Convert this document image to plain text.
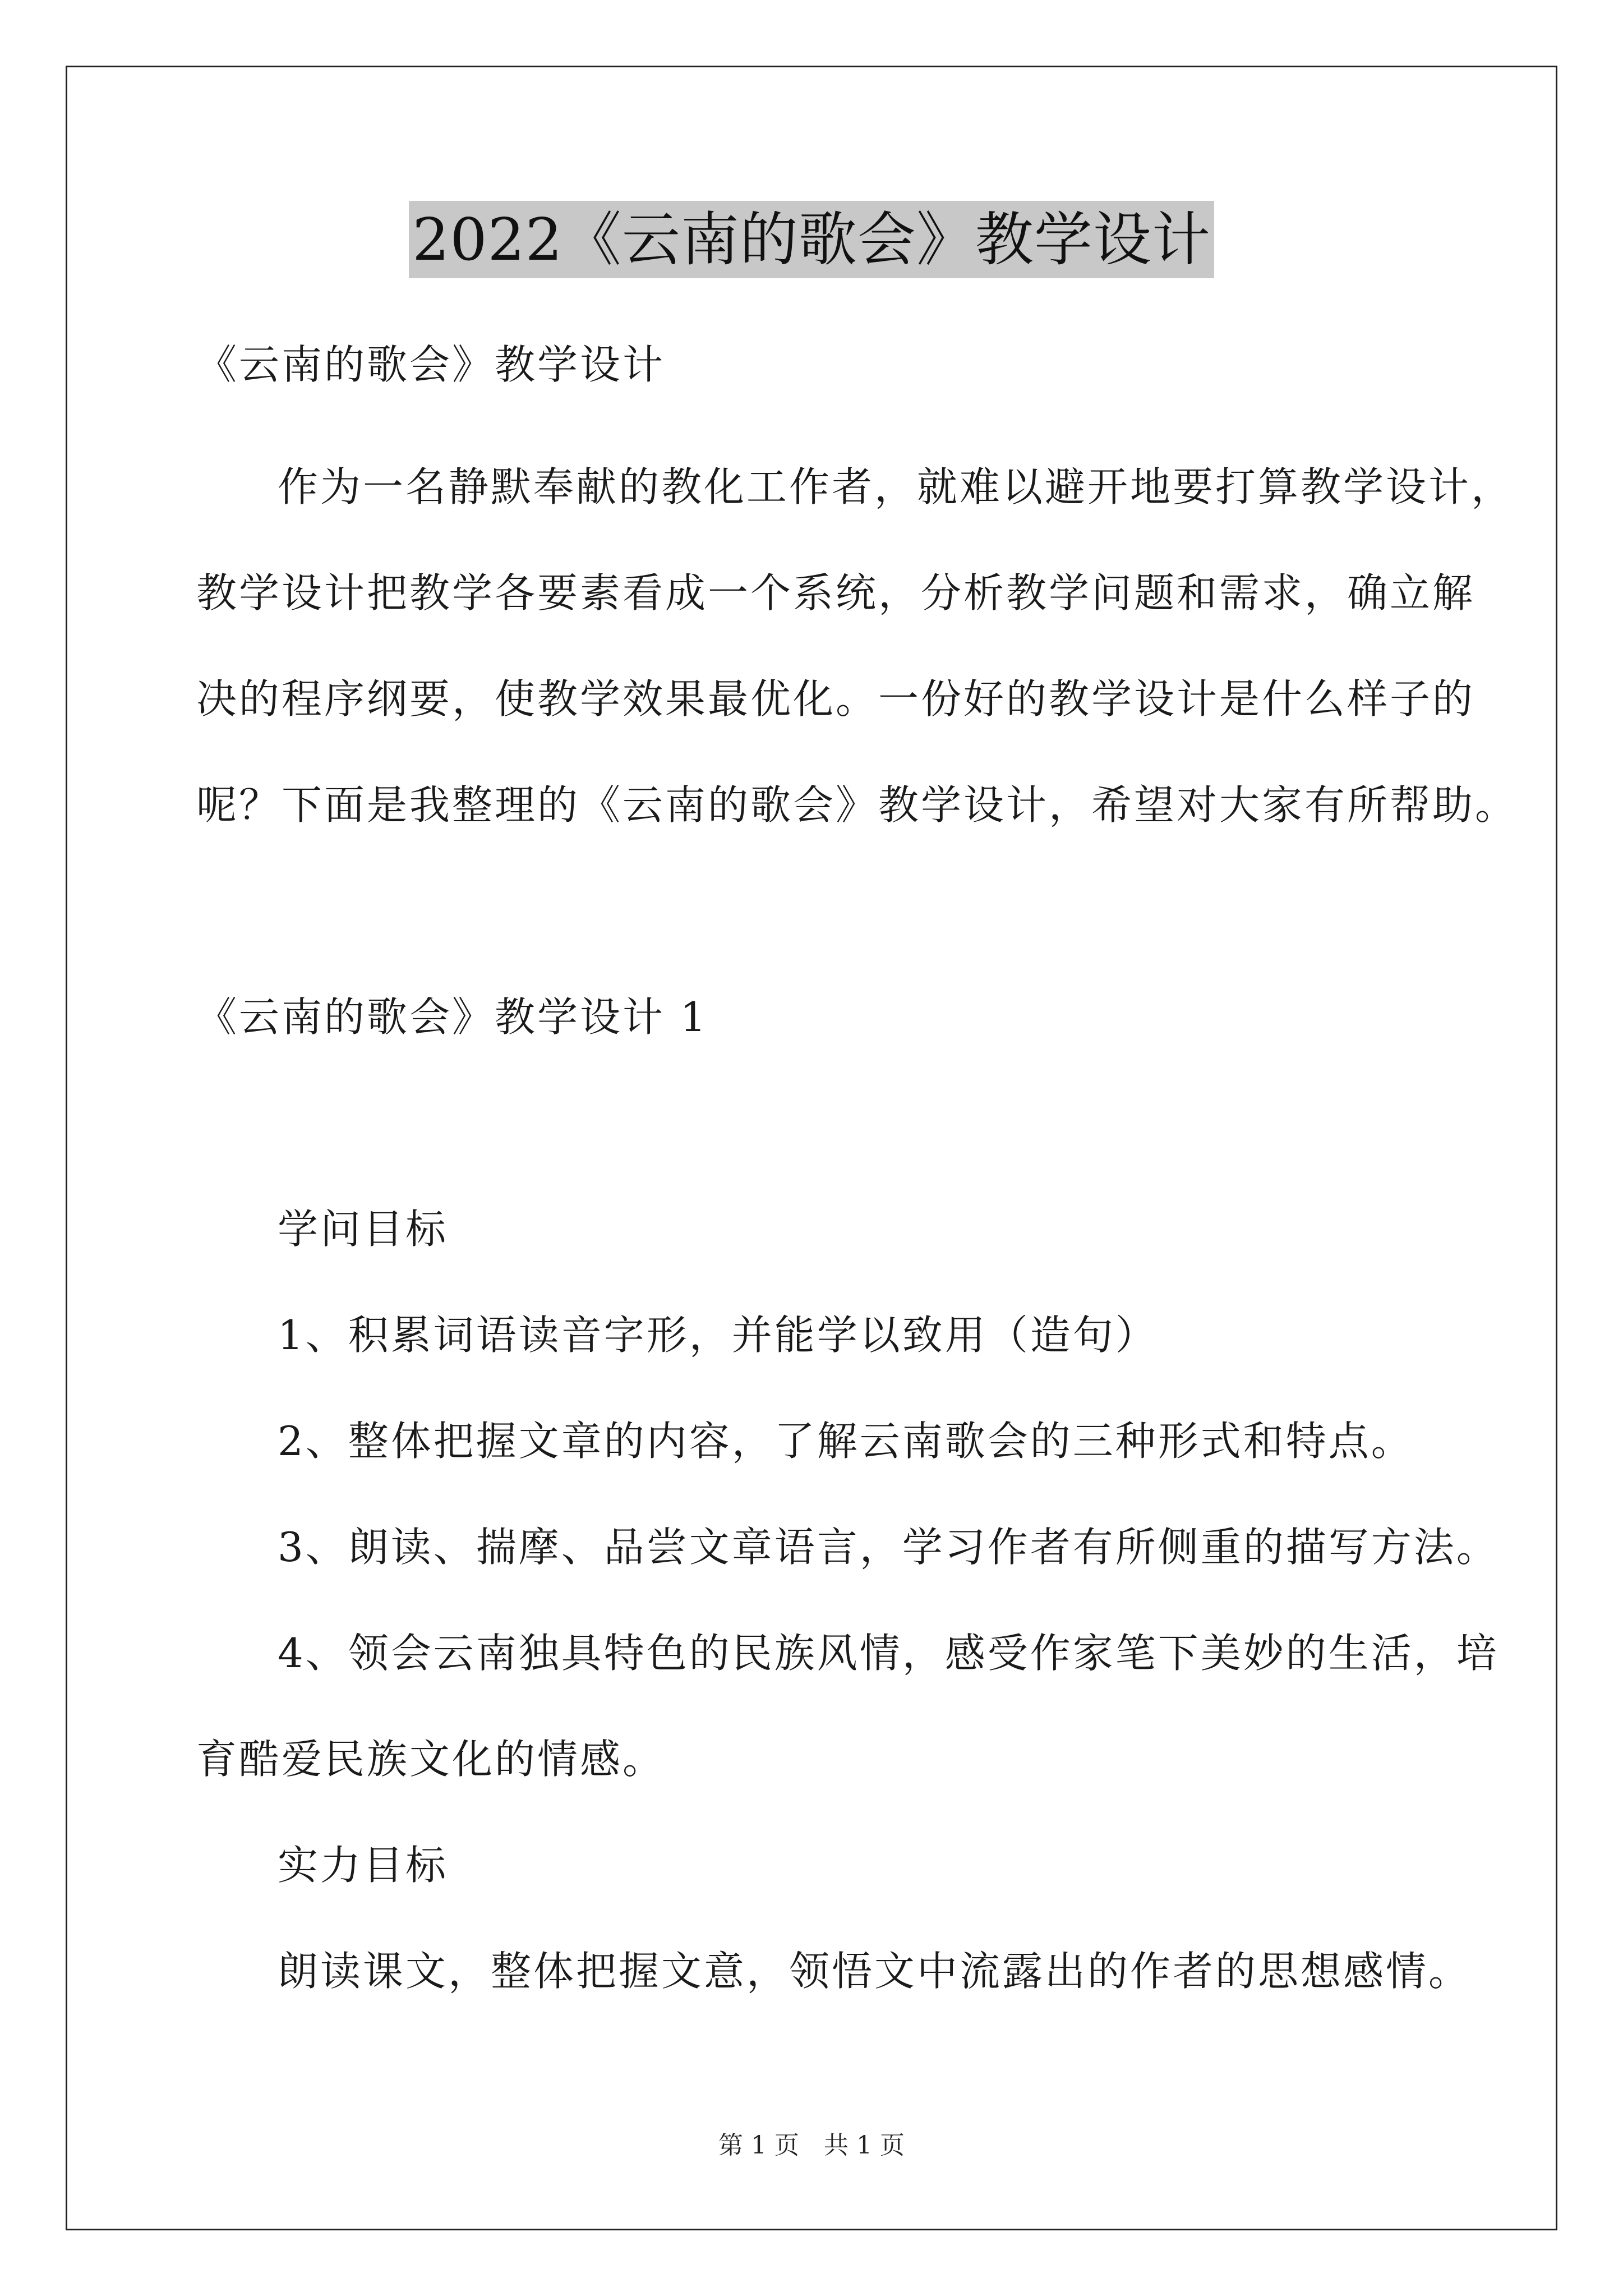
2022《云南的歌会》教学设计
《云南的歌会》教学设计
作为一名静默奉献的教化工作者，就难以避开地要打算教学设计，
教学设计把教学各要素看成一个系统，分析教学问题和需求，确立解
决的程序纲要，使教学效果最优化。一份好的教学设计是什么样子的
呢？下面是我整理的《云南的歌会》教学设计，希望对大家有所帮助。
《云南的歌会》教学设计 1
学问目标
1、积累词语读音字形，并能学以致用（造句）
2、整体把握文章的内容，了解云南歌会的三种形式和特点。
3、朗读、揣摩、品尝文章语言，学习作者有所侧重的描写方法。
4、领会云南独具特色的民族风情，感受作家笔下美妙的生活，培
育酷爱民族文化的情感。
实力目标
朗读课文，整体把握文意，领悟文中流露出的作者的思想感情。
第 1 页　共 1 页
